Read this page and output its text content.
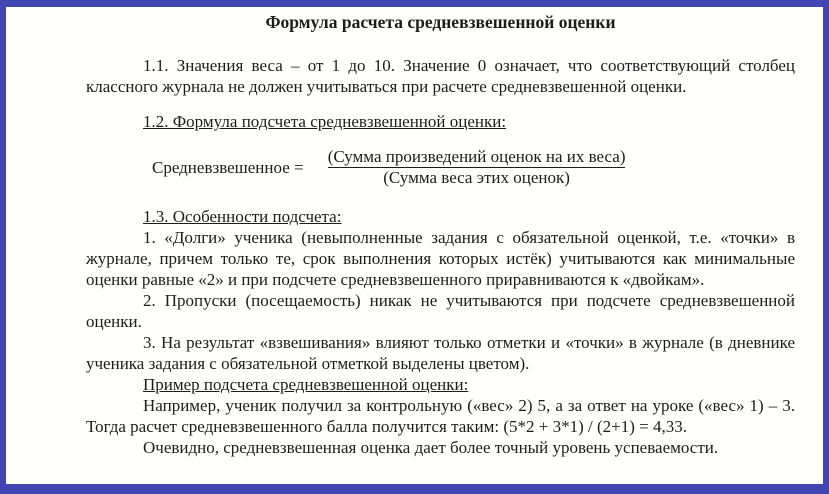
Формула расчета средневзвешенной оценки

1.1. Значения веса – от 1 до 10. Значение 0 означает, что соответствующий столбец классного журнала не должен учитываться при расчете средневзвешенной оценки.

1.2. Формула подсчета средневзвешенной оценки:

Средневзвешенное = $\frac{\text{(Сумма произведений оценок на их веса)}}{\text{(Сумма веса этих оценок)}}$

1.3. Особенности подсчета:

1. «Долги» ученика (невыполненные задания с обязательной оценкой, т.е. «точки» в журнале, причем только те, срок выполнения которых истёк) учитываются как минимальные оценки равные «2» и при подсчете средневзвешенного приравниваются к «двойкам».

2. Пропуски (посещаемость) никак не учитываются при подсчете средневзвешенной оценки.

3. На результат «взвешивания» влияют только отметки и «точки» в журнале (в дневнике ученика задания с обязательной отметкой выделены цветом).

Пример подсчета средневзвешенной оценки:

Например, ученик получил за контрольную («вес» 2) 5, а за ответ на уроке («вес» 1) – 3. Тогда расчет средневзвешенного балла получится таким: (5*2 + 3*1) / (2+1) = 4,33.

Очевидно, средневзвешенная оценка дает более точный уровень успеваемости.
